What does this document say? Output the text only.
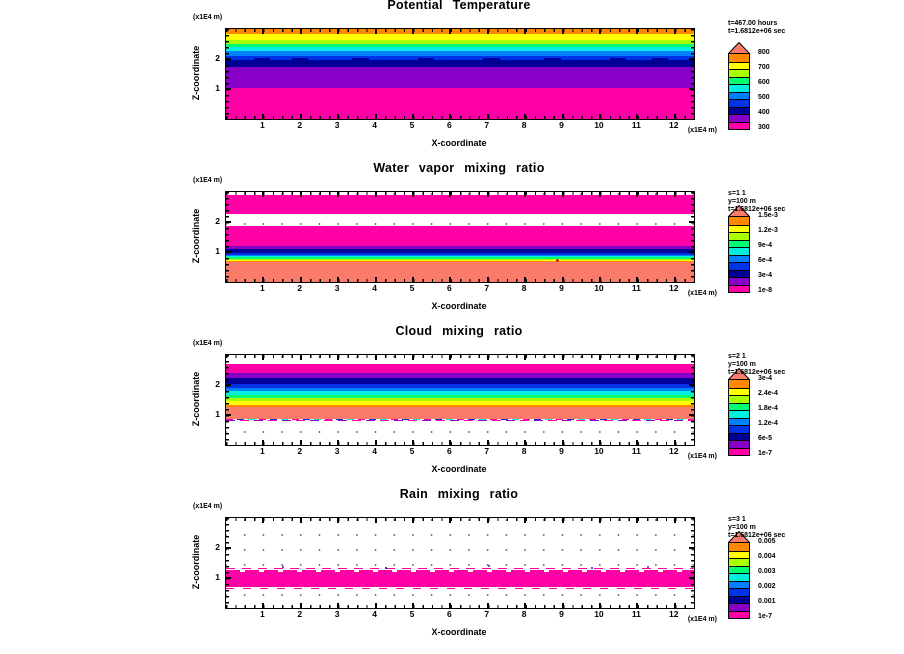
Potential Temperature
(x1E4 m)
Z-coordinate 2
1
1	2	3	4	5	6	7	8	9	10	11	12
(x1E4 m)
X-coordinate
800
700
600
500
400
300
t=467.00 hours
t=1.6812e+06 sec
Water vapor mixing ratio
(x1E4 m)
Z-coordinate 2
1
1	2	3	4	5	6	7	8	9	10	11	12
(x1E4 m)
X-coordinate
1.5e-3
1.2e-3
9e-4
6e-4
3e-4
1e-8
s=1 1
y=100 m
t=1.6812e+06 sec
Cloud mixing ratio
(x1E4 m)
Z-coordinate 2
1
1	2	3	4	5	6	7	8	9	10	11	12
(x1E4 m)
X-coordinate
3e-4
2.4e-4
1.8e-4
1.2e-4
6e-5
1e-7
s=2 1
y=100 m
t=1.6812e+06 sec
Rain mixing ratio
(x1E4 m)
Z-coordinate 2
1
1	2	3	4	5	6	7	8	9	10	11	12
(x1E4 m)
X-coordinate
0.005
0.004
0.003
0.002
0.001
1e-7
s=3 1
y=100 m
t=1.6812e+06 sec
